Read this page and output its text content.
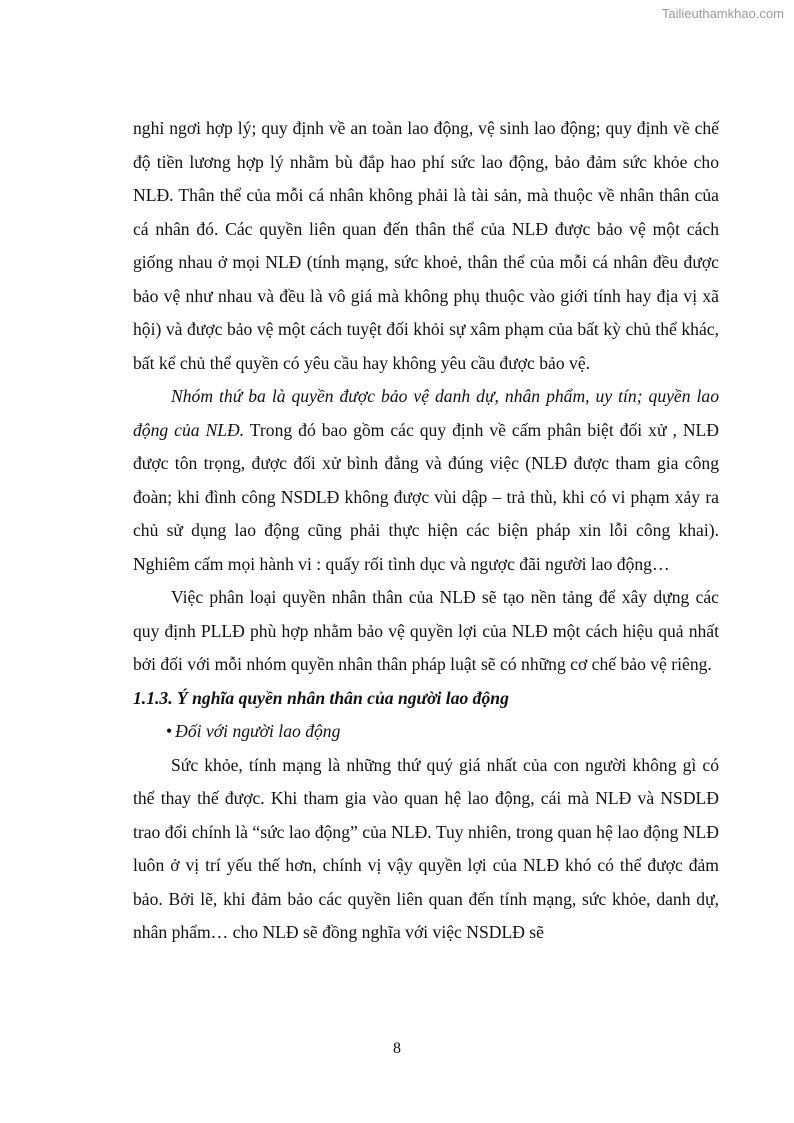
Tailieuthamkhao.com

nghỉ ngơi hợp lý; quy định về an toàn lao động, vệ sinh lao động; quy định về chế độ tiền lương hợp lý nhằm bù đắp hao phí sức lao động, bảo đảm sức khỏe cho NLĐ. Thân thể của mỗi cá nhân không phải là tài sản, mà thuộc về nhân thân của cá nhân đó. Các quyền liên quan đến thân thể của NLĐ được bảo vệ một cách giống nhau ở mọi NLĐ (tính mạng, sức khoẻ, thân thể của mỗi cá nhân đều được bảo vệ như nhau và đều là vô giá mà không phụ thuộc vào giới tính hay địa vị xã hội) và được bảo vệ một cách tuyệt đối khỏi sự xâm phạm của bất kỳ chủ thể khác, bất kể chủ thể quyền có yêu cầu hay không yêu cầu được bảo vệ.

Nhóm thứ ba là quyền được bảo vệ danh dự, nhân phẩm, uy tín; quyền lao động của NLĐ. Trong đó bao gồm các quy định về cấm phân biệt đối xử , NLĐ được tôn trọng, được đối xử bình đẳng và đúng việc (NLĐ được tham gia công đoàn; khi đình công NSDLĐ không được vùi dập – trả thù, khi có vi phạm xảy ra chủ sử dụng lao động cũng phải thực hiện các biện pháp xin lỗi công khai). Nghiêm cấm mọi hành vi : quấy rối tình dục và ngược đãi người lao động…

Việc phân loại quyền nhân thân của NLĐ sẽ tạo nền tảng để xây dựng các quy định PLLĐ phù hợp nhằm bảo vệ quyền lợi của NLĐ một cách hiệu quả nhất bởi đối với mỗi nhóm quyền nhân thân pháp luật sẽ có những cơ chế bảo vệ riêng.

1.1.3. Ý nghĩa quyền nhân thân của người lao động

• Đối với người lao động

Sức khỏe, tính mạng là những thứ quý giá nhất của con người không gì có thể thay thế được. Khi tham gia vào quan hệ lao động, cái mà NLĐ và NSDLĐ trao đổi chính là “sức lao động” của NLĐ. Tuy nhiên, trong quan hệ lao động NLĐ luôn ở vị trí yếu thế hơn, chính vị vậy quyền lợi của NLĐ khó có thể được đảm bảo. Bởi lẽ, khi đảm bảo các quyền liên quan đến tính mạng, sức khỏe, danh dự, nhân phẩm… cho NLĐ sẽ đồng nghĩa với việc NSDLĐ sẽ

8
